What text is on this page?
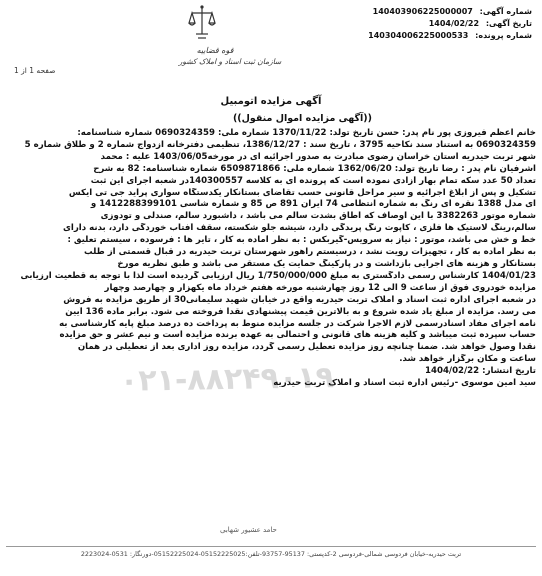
قوه قضاییه
سازمان ثبت اسناد و املاک کشور
شماره آگهی: 140403906225000007
تاریخ آگهی: 1404/02/22
شماره پرونده: 140304006225000533
صفحه 1 از 1
آگهی مزایده اتومبیل
((آگهی مزایده اموال منقول))
۰۲۱-۸۸۲۴۹۰۱۹
خانم اعظم فیروزی پور نام پدر: حسن تاریخ تولد: 1370/11/22 شماره ملی: 0690324359 شماره شناسنامه:
0690324359 به استناد سند نکاحیه 3795 ، تاریخ سند : 1386/12/27، تنظیمی دفترخانه ازدواج شماره 2 و طلاق شماره 5
شهر تربت حیدریه استان خراسان رضوی مبادرت به صدور اجرائیه ای در مورخه1403/06/05 علیه : محمد
اشرفیان نام پدر : رضا تاریخ تولد: 1362/06/20 شماره ملی: 6509871866 شماره شناسنامه: 82 به شرح
تعداد 50 عدد سکه تمام بهار آزادی نموده است که پرونده ای به کلاسه 140300557در شعبه اجرای این ثبت
تشکیل و پس از ابلاغ اجرائیه و سیر مراحل قانونی حسب تقاضای بستانکار یکدستگاه سواری پراید جی تی ایکس
ای مدل 1388 نقره ای رنگ به شماره انتظامی 74 ایران 891 ص 85 و شماره شاسی 1412288399101 و
شماره موتور 3382263 با این اوصاف که اطاق بشدت سالم می باشد ، داشبورد سالم، صندلی و تودوزی
سالم،رینگ لاستیک ها فلزی ، کاپوت رنگ پریدگی دارد، شیشه جلو شکسته، سقف آفتاب خوردگی دارد، بدنه دارای
خط و خش می باشد، موتور : نیاز به سرویس-گیربکس : به نظر آماده به کار ، تایر ها : فرسوده ، سیستم تعلیق :
به نظر آماده به کار ، تجهیزات رویت نشد ، درسیستم راهور شهرستان تربت حیدریه در قبال قسمتی از طلب
بستانکار و هزینه های اجرایی بازداشت و در پارکینگ حمایت یک مستقر می باشد و طبق نظریه مورخ
1404/01/23 کارشناس رسمی دادگستری به مبلغ 1/750/000/000 ریال ارزیابی گردیده است لذا با توجه به قطعیت ارزیابی
مزایده خودروی فوق از ساعت 9 الی 12 روز چهارشنبه مورخه هفتم خرداد ماه یکهزار و چهارصد وچهار
در شعبه اجرای اداره ثبت اسناد و املاک تربت حیدریه واقع در خیابان شهید سلیمانی30 از طریق مزایده به فروش
می رسد. مزایده از مبلغ یاد شده شروع و به بالاترین قیمت پیشنهادی نقداً فروخته می شود. برابر ماده 136 آیین
نامه اجرای مفاد اسنادرسمی لازم الاجرا شرکت در جلسه مزایده منوط به پرداخت ده درصد مبلغ پایه کارشناسی به
حساب سپرده ثبت میباشد و کلیه هزینه های قانونی و احتمالی به عهده برنده مزایده است و نیم عشر و حق مزایده
نقداً وصول خواهد شد. ضمناً چنانچه روز مزایده تعطیل رسمی گردد، مزایده روز اداری بعد از تعطیلی در همان
ساعت و مکان برگزار خواهد شد.
تاریخ انتشار: 1404/02/22
سید امین موسوی -رئیس اداره ثبت اسناد و املاک تربت حیدریه
حامد عشیور شهابی
تربت حیدریه-خیابان فردوسی شمالی-فردوسی 2-کدپستی: 95137-93757-تلفن:05152225025-05152225024-دورنگار: 0531-2223024
